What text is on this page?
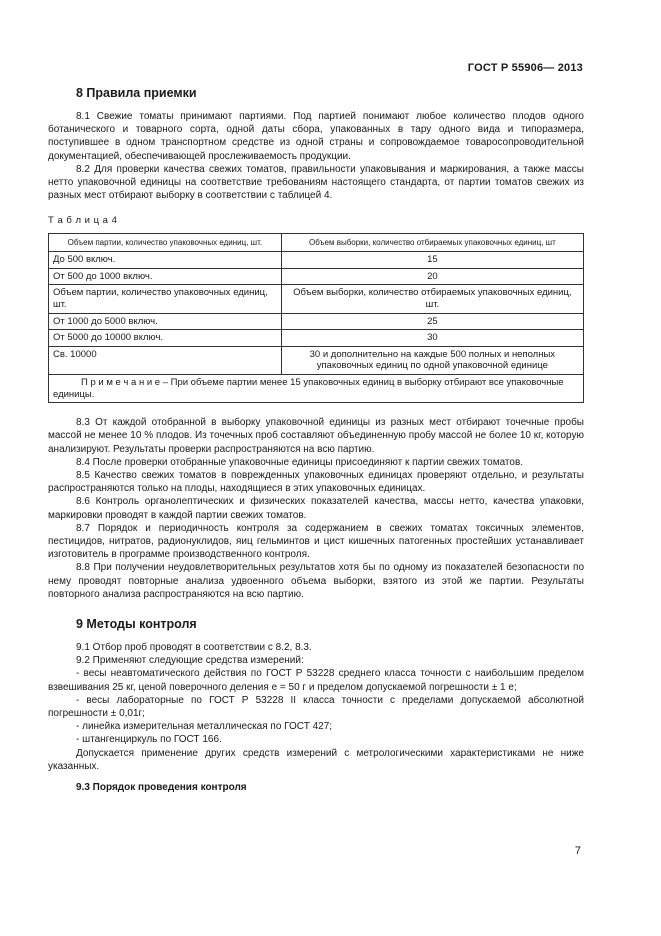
ГОСТ Р 55906— 2013
8 Правила приемки

8.1 Свежие томаты принимают партиями. Под партией понимают любое количество плодов одного ботанического и товарного сорта, одной даты сбора, упакованных в тару одного вида и типоразмера, поступившее в одном транспортном средстве из одной страны и сопровождаемое товаросопроводительной документацией, обеспечивающей прослеживаемость продукции.

8.2 Для проверки качества свежих томатов, правильности упаковывания и маркирования, а также массы нетто упаковочной единицы на соответствие требованиям настоящего стандарта, от партии томатов свежих из разных мест отбирают выборку в соответствии с таблицей 4.

Т а б л и ц а 4
Объем партии, количество упаковочных единиц, шт.	Объем выборки, количество отбираемых упаковочных единиц, шт
До 500 включ.	15
От 500 до 1000 включ.	20
Объем партии, количество упаковочных единиц, шт.	Объем выборки, количество отбираемых упаковочных единиц, шт.
От 1000 до 5000 включ.	25
От 5000 до 10000 включ.	30
Св. 10000	30 и дополнительно на каждые 500 полных и неполных упаковочных единиц по одной упаковочной единице
П р и м е ч а н и е – При объеме партии менее 15 упаковочных единиц в выборку отбирают все упаковочные единицы.	

8.3 От каждой отобранной в выборку упаковочной единицы из разных мест отбирают точечные пробы массой не менее 10 % плодов. Из точечных проб составляют объединенную пробу массой не более 10 кг, которую анализируют. Результаты проверки распространяются на всю партию.

8.4 После проверки отобранные упаковочные единицы присоединяют к партии свежих томатов.

8.5 Качество свежих томатов в поврежденных упаковочных единицах проверяют отдельно, и результаты распространяются только на плоды, находящиеся в этих упаковочных единицах.

8.6 Контроль органолептических и физических показателей качества, массы нетто, качества упаковки, маркировки проводят в каждой партии свежих томатов.

8.7 Порядок и периодичность контроля за содержанием в свежих томатах токсичных элементов, пестицидов, нитратов, радионуклидов, яиц гельминтов и цист кишечных патогенных простейших устанавливает изготовитель в программе производственного контроля.

8.8 При получении неудовлетворительных результатов хотя бы по одному из показателей безопасности по нему проводят повторные анализа удвоенного объема выборки, взятого из этой же партии. Результаты повторного анализа распространяются на всю партию.

9 Методы контроля

9.1 Отбор проб проводят в соответствии с 8.2, 8.3.

9.2 Применяют следующие средства измерений:

- весы неавтоматического действия по ГОСТ Р 53228 среднего класса точности с наибольшим пределом взвешивания 25 кг, ценой поверочного деления e = 50 г и пределом допускаемой погрешности ± 1 е;

- весы лабораторные по ГОСТ Р 53228 II класса точности с пределами допускаемой абсолютной погрешности ± 0,01г;

- линейка измерительная металлическая по ГОСТ 427;

- штангенциркуль по ГОСТ 166.

Допускается применение других средств измерений с метрологическими характеристиками не ниже указанных.

9.3 Порядок проведения контроля
7
